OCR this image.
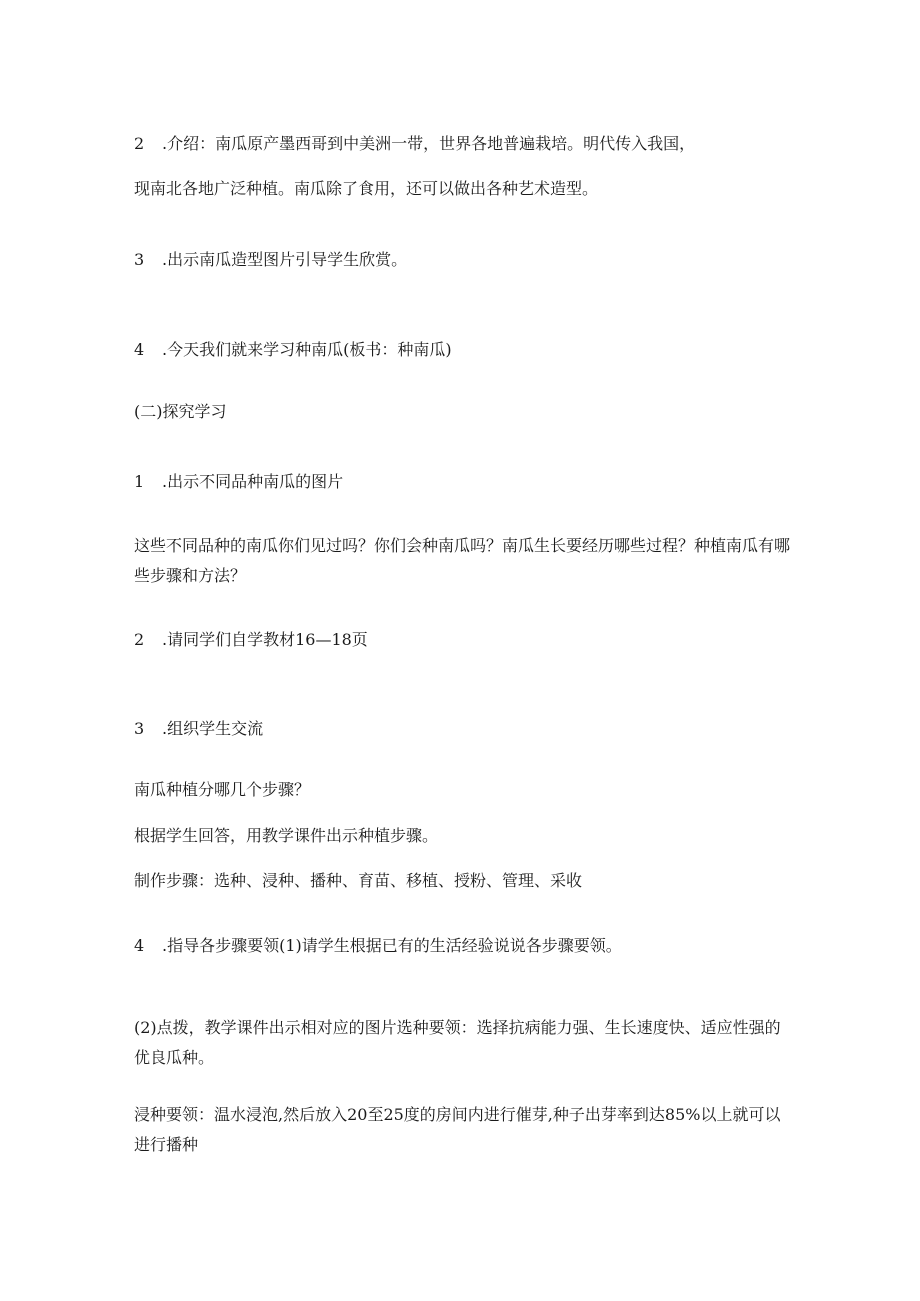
2 .介绍：南瓜原产墨西哥到中美洲一带，世界各地普遍栽培。明代传入我国，

现南北各地广泛种植。南瓜除了食用，还可以做出各种艺术造型。

3 .出示南瓜造型图片引导学生欣赏。

4 .今天我们就来学习种南瓜(板书：种南瓜)

(二)探究学习

1 .出示不同品种南瓜的图片

这些不同品种的南瓜你们见过吗？你们会种南瓜吗？南瓜生长要经历哪些过程？种植南瓜有哪些步骤和方法？

2 .请同学们自学教材16—18页

3 .组织学生交流

南瓜种植分哪几个步骤？

根据学生回答，用教学课件出示种植步骤。

制作步骤：选种、浸种、播种、育苗、移植、授粉、管理、采收

4 .指导各步骤要领(1)请学生根据已有的生活经验说说各步骤要领。

(2)点拨，教学课件出示相对应的图片选种要领：选择抗病能力强、生长速度快、适应性强的优良瓜种。

浸种要领：温水浸泡,然后放入20至25度的房间内进行催芽,种子出芽率到达85%以上就可以进行播种
